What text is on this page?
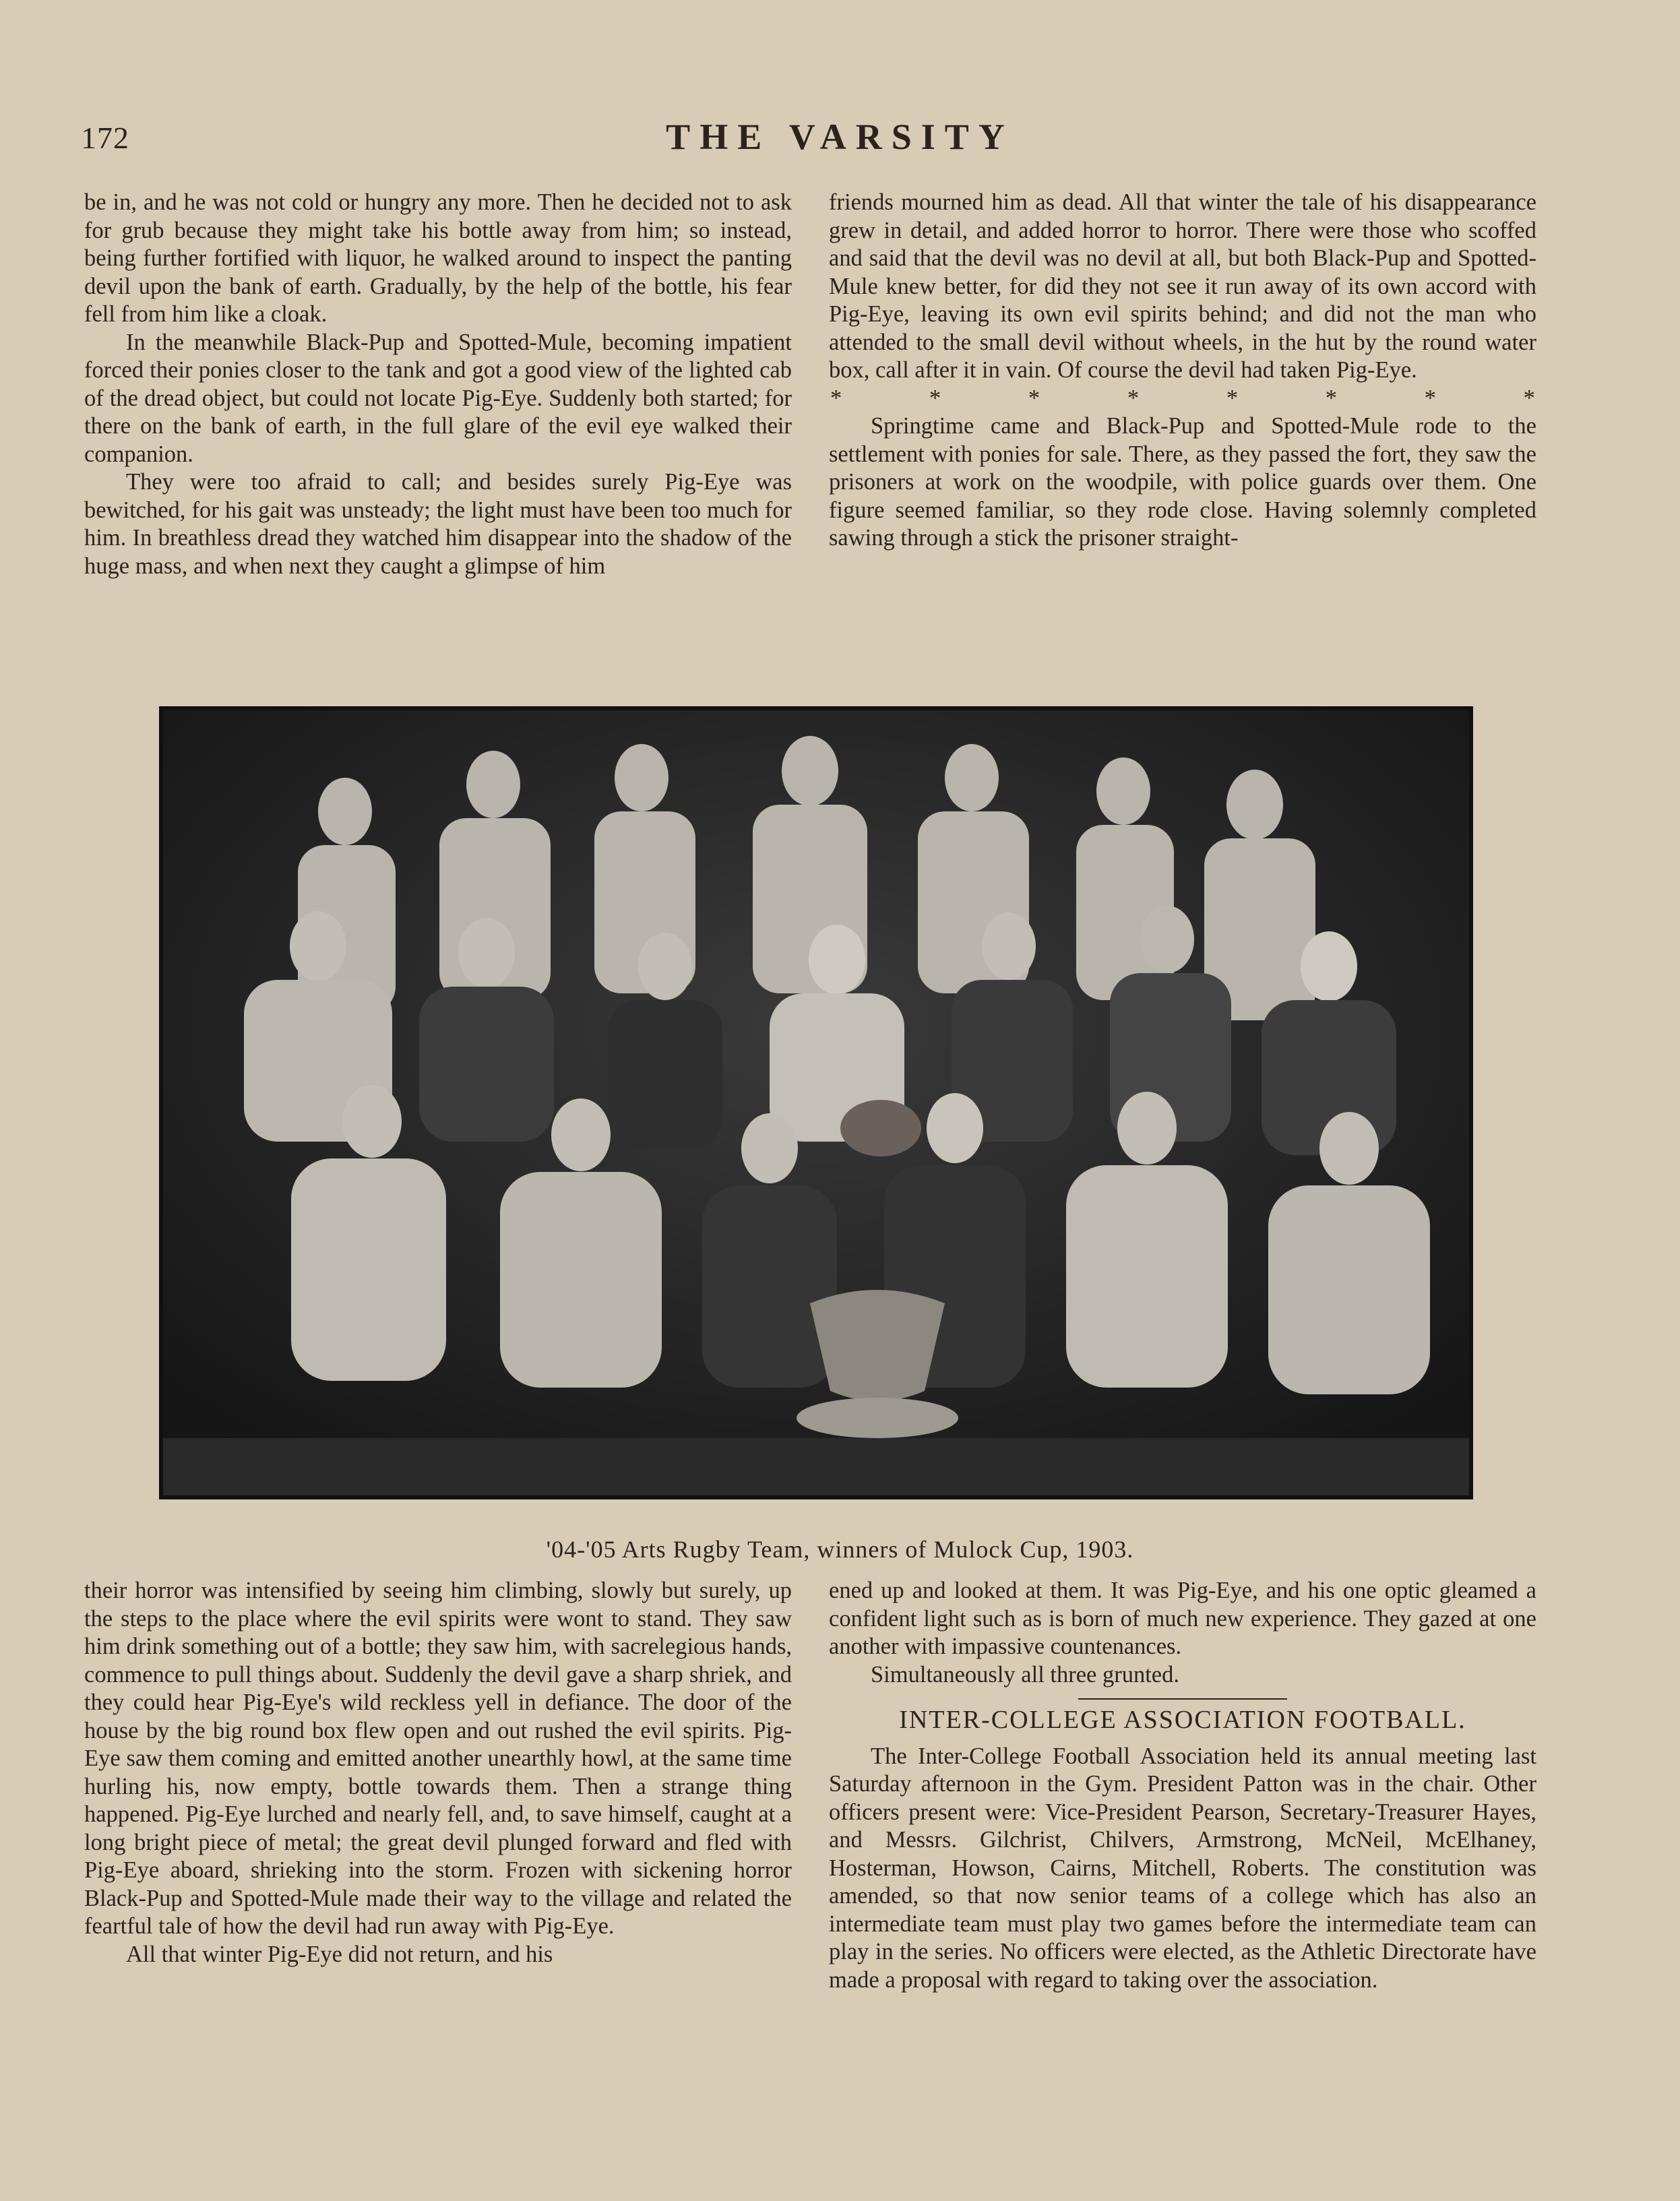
172	THE VARSITY

be in, and he was not cold or hungry any more. Then he decided not to ask for grub because they might take his bottle away from him; so instead, being further fortified with liquor, he walked around to inspect the panting devil upon the bank of earth. Gradually, by the help of the bottle, his fear fell from him like a cloak.

In the meanwhile Black-Pup and Spotted-Mule, becoming impatient forced their ponies closer to the tank and got a good view of the lighted cab of the dread object, but could not locate Pig-Eye. Suddenly both started; for there on the bank of earth, in the full glare of the evil eye walked their companion.

They were too afraid to call; and besides surely Pig-Eye was bewitched, for his gait was unsteady; the light must have been too much for him. In breathless dread they watched him disappear into the shadow of the huge mass, and when next they caught a glimpse of him

friends mourned him as dead. All that winter the tale of his disappearance grew in detail, and added horror to horror. There were those who scoffed and said that the devil was no devil at all, but both Black-Pup and Spotted-Mule knew better, for did they not see it run away of its own accord with Pig-Eye, leaving its own evil spirits behind; and did not the man who attended to the small devil without wheels, in the hut by the round water box, call after it in vain. Of course the devil had taken Pig-Eye.

*	*	*	*	*	*	*	*

Springtime came and Black-Pup and Spotted-Mule rode to the settlement with ponies for sale. There, as they passed the fort, they saw the prisoners at work on the woodpile, with police guards over them. One figure seemed familiar, so they rode close. Having solemnly completed sawing through a stick the prisoner straight-

'04-'05 Arts Rugby Team, winners of Mulock Cup, 1903.

their horror was intensified by seeing him climbing, slowly but surely, up the steps to the place where the evil spirits were wont to stand. They saw him drink something out of a bottle; they saw him, with sacrelegious hands, commence to pull things about. Suddenly the devil gave a sharp shriek, and they could hear Pig-Eye's wild reckless yell in defiance. The door of the house by the big round box flew open and out rushed the evil spirits. Pig-Eye saw them coming and emitted another unearthly howl, at the same time hurling his, now empty, bottle towards them. Then a strange thing happened. Pig-Eye lurched and nearly fell, and, to save himself, caught at a long bright piece of metal; the great devil plunged forward and fled with Pig-Eye aboard, shrieking into the storm. Frozen with sickening horror Black-Pup and Spotted-Mule made their way to the village and related the feartful tale of how the devil had run away with Pig-Eye.

All that winter Pig-Eye did not return, and his

ened up and looked at them. It was Pig-Eye, and his one optic gleamed a confident light such as is born of much new experience. They gazed at one another with impassive countenances.

Simultaneously all three grunted.

INTER-COLLEGE ASSOCIATION FOOTBALL.

The Inter-College Football Association held its annual meeting last Saturday afternoon in the Gym. President Patton was in the chair. Other officers present were: Vice-President Pearson, Secretary-Treasurer Hayes, and Messrs. Gilchrist, Chilvers, Armstrong, McNeil, McElhaney, Hosterman, Howson, Cairns, Mitchell, Roberts. The constitution was amended, so that now senior teams of a college which has also an intermediate team must play two games before the intermediate team can play in the series. No officers were elected, as the Athletic Directorate have made a proposal with regard to taking over the association.
